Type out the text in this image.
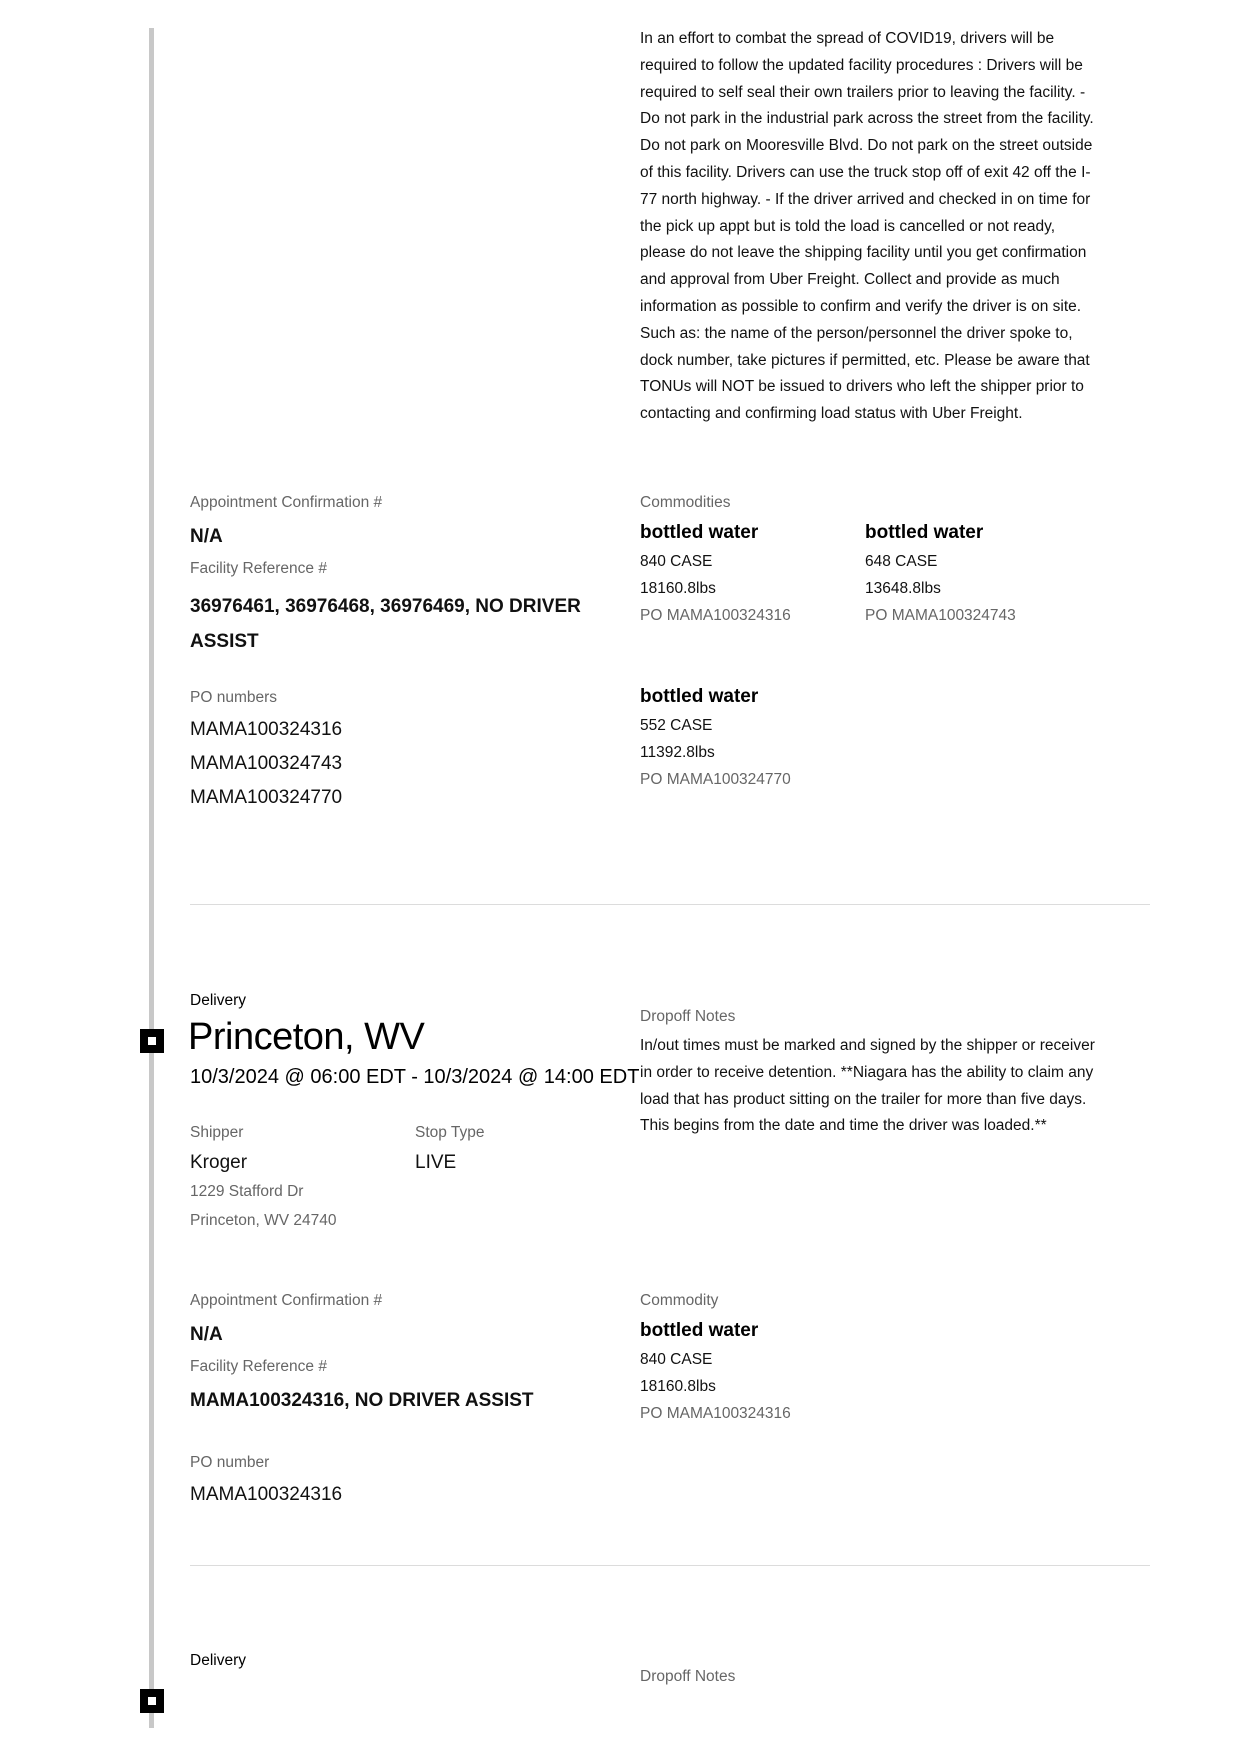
In an effort to combat the spread of COVID19, drivers will be required to follow the updated facility procedures : Drivers will be required to self seal their own trailers prior to leaving the facility. - Do not park in the industrial park across the street from the facility. Do not park on Mooresville Blvd. Do not park on the street outside of this facility. Drivers can use the truck stop off of exit 42 off the I-77 north highway. - If the driver arrived and checked in on time for the pick up appt but is told the load is cancelled or not ready, please do not leave the shipping facility until you get confirmation and approval from Uber Freight. Collect and provide as much information as possible to confirm and verify the driver is on site. Such as: the name of the person/personnel the driver spoke to, dock number, take pictures if permitted, etc. Please be aware that TONUs will NOT be issued to drivers who left the shipper prior to contacting and confirming load status with Uber Freight.
Appointment Confirmation #
N/A
Facility Reference #
36976461, 36976468, 36976469, NO DRIVER ASSIST
PO numbers
MAMA100324316
MAMA100324743
MAMA100324770
Commodities
bottled water
840 CASE
18160.8lbs
PO MAMA100324316
bottled water
648 CASE
13648.8lbs
PO MAMA100324743
bottled water
552 CASE
11392.8lbs
PO MAMA100324770
Delivery
Princeton, WV
10/3/2024 @ 06:00 EDT - 10/3/2024 @ 14:00 EDT
Shipper
Kroger
1229 Stafford Dr
Princeton, WV 24740
Stop Type
LIVE
Dropoff Notes
In/out times must be marked and signed by the shipper or receiver in order to receive detention. **Niagara has the ability to claim any load that has product sitting on the trailer for more than five days. This begins from the date and time the driver was loaded.**
Appointment Confirmation #
N/A
Facility Reference #
MAMA100324316, NO DRIVER ASSIST
PO number
MAMA100324316
Commodity
bottled water
840 CASE
18160.8lbs
PO MAMA100324316
Delivery
Dropoff Notes
